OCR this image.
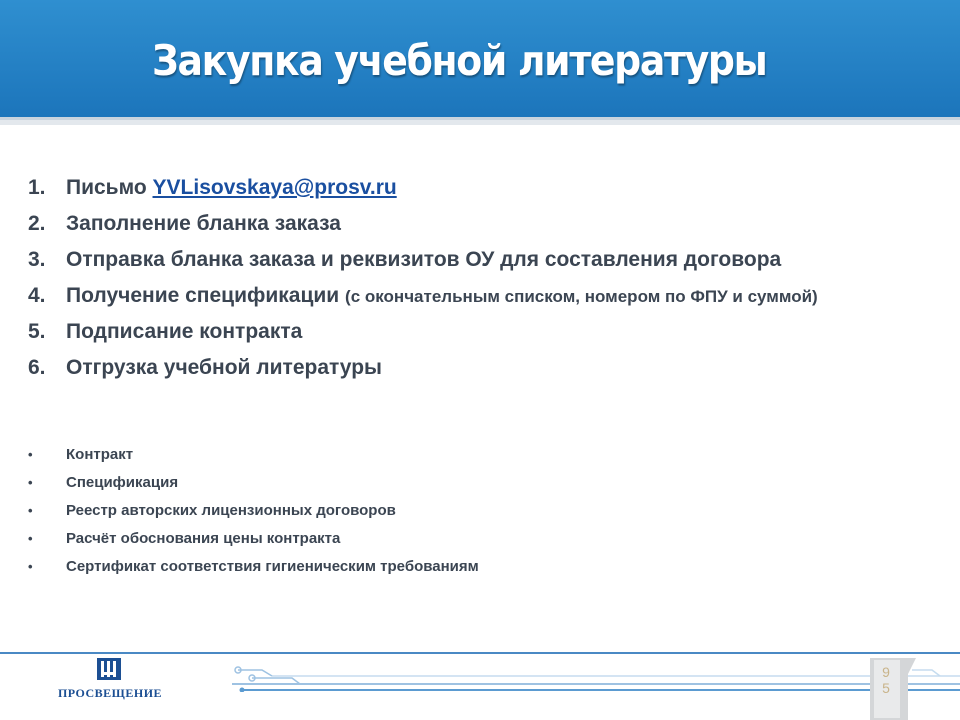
Закупка учебной литературы
1. Письмо YVLisovskaya@prosv.ru
2. Заполнение бланка заказа
3. Отправка бланка заказа и реквизитов ОУ для составления договора
4. Получение спецификации (с окончательным списком, номером по ФПУ и суммой)
5. Подписание контракта
6. Отгрузка учебной литературы
• Контракт
• Спецификация
• Реестр авторских лицензионных договоров
• Расчёт обоснования цены контракта
• Сертификат соответствия гигиеническим требованиям
ПРОСВЕЩЕНИЕ
9
5
